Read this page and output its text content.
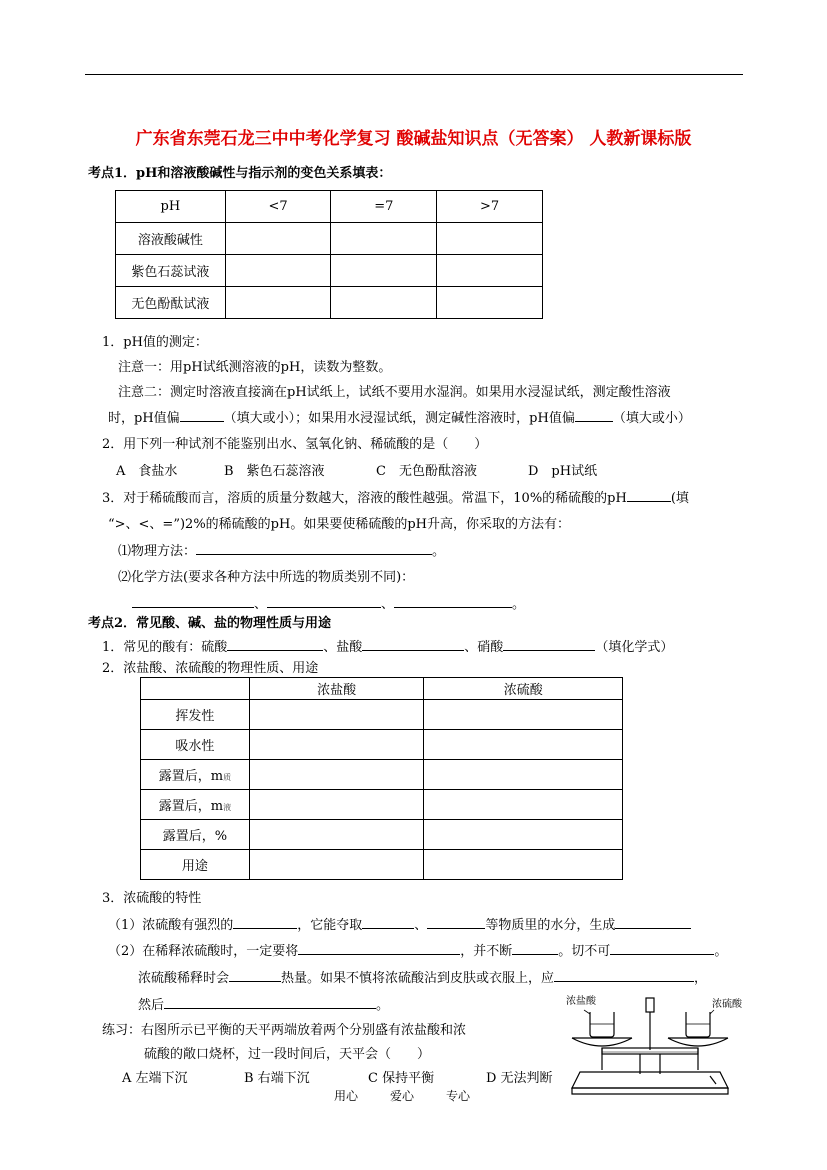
广东省东莞石龙三中中考化学复习 酸碱盐知识点（无答案） 人教新课标版
考点1．pH和溶液酸碱性与指示剂的变色关系填表：
pH	<7	=7	>7
溶液酸碱性			
紫色石蕊试液			
无色酚酞试液			
1．pH值的测定：
注意一：用pH试纸测溶液的pH，读数为整数。
注意二：测定时溶液直接滴在pH试纸上，试纸不要用水湿润。如果用水浸湿试纸，测定酸性溶液
时，pH值偏	（填大或小）；如果用水浸湿试纸，测定碱性溶液时，pH值偏	（填大或小）
2．用下列一种试剂不能鉴别出水、氢氧化钠、稀硫酸的是（　　）
A　食盐水	B　紫色石蕊溶液	C　无色酚酞溶液	D　pH试纸
3．对于稀硫酸而言，溶质的质量分数越大，溶液的酸性越强。常温下，10%的稀硫酸的pH	(填
“>、<、=”)2%的稀硫酸的pH。如果要使稀硫酸的pH升高，你采取的方法有：
⑴物理方法：	。
⑵化学方法(要求各种方法中所选的物质类别不同)：
、	、	。
考点2．常见酸、碱、盐的物理性质与用途
1．常见的酸有：硫酸	、盐酸	、硝酸	（填化学式）
2．浓盐酸、浓硫酸的物理性质、用途
	浓盐酸	浓硫酸
挥发性		
吸水性		
露置后，m质		
露置后，m液		
露置后，%		
用途		
3．浓硫酸的特性
（1）浓硫酸有强烈的	，它能夺取	、	等物质里的水分，生成
（2）在稀释浓硫酸时，一定要将	，并不断	。切不可	。
浓硫酸稀释时会	热量。如果不慎将浓硫酸沾到皮肤或衣服上，应	，
然后	。
练习：右图所示已平衡的天平两端放着两个分别盛有浓盐酸和浓
硫酸的敞口烧杯，过一段时间后，天平会（　　）
A 左端下沉	B 右端下沉	C 保持平衡	D 无法判断
浓盐酸	浓硫酸
用心	爱心	专心
